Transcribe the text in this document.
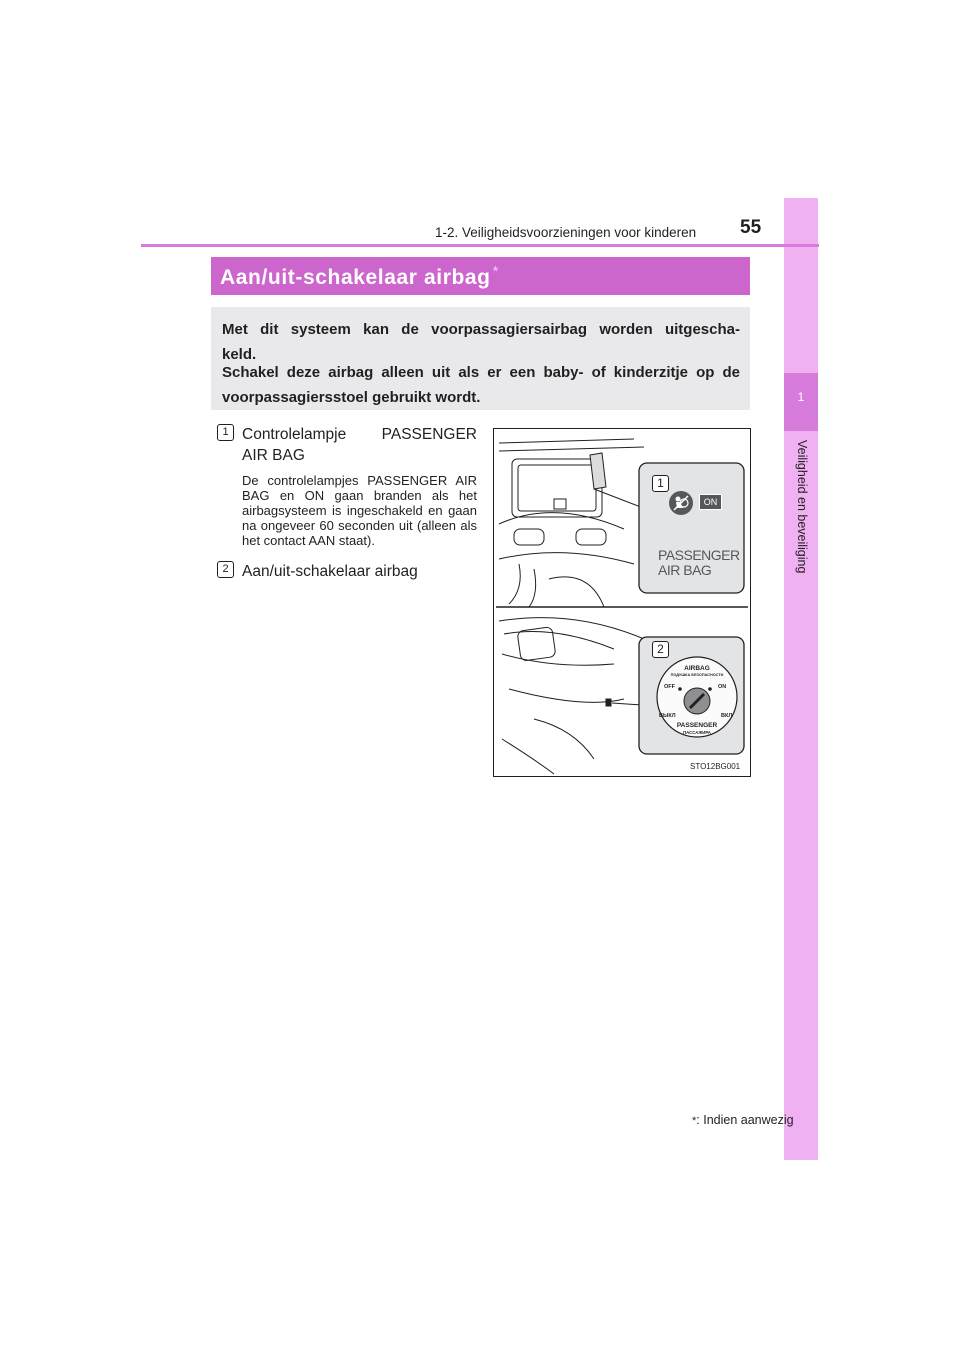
1
Veiligheid en beveiliging
1-2. Veiligheidsvoorzieningen voor kinderen 55
Aan/uit-schakelaar airbag *

Met dit systeem kan de voorpassagiersairbag worden uitgescha-

keld.

Schakel deze airbag alleen uit als er een baby- of kinderzitje op de voorpassagiersstoel gebruikt wordt.

1 Controlelampje PASSENGER
AIR BAG

De controlelampjes PASSENGER AIR BAG en ON gaan branden als het airbagsysteem is ingeschakeld en gaan na ongeveer 60 seconden uit (alleen als het contact AAN staat).

2 Aan/uit-schakelaar airbag
1
ON
PASSENGER
AIR BAG
2
AIRBAG
ПОДУШКА БЕЗОПАСНОСТИ
OFF	ON
ВЫКЛ	ВКЛ
PASSENGER
ПАССАЖИРА
STO12BG001
*: Indien aanwezig
